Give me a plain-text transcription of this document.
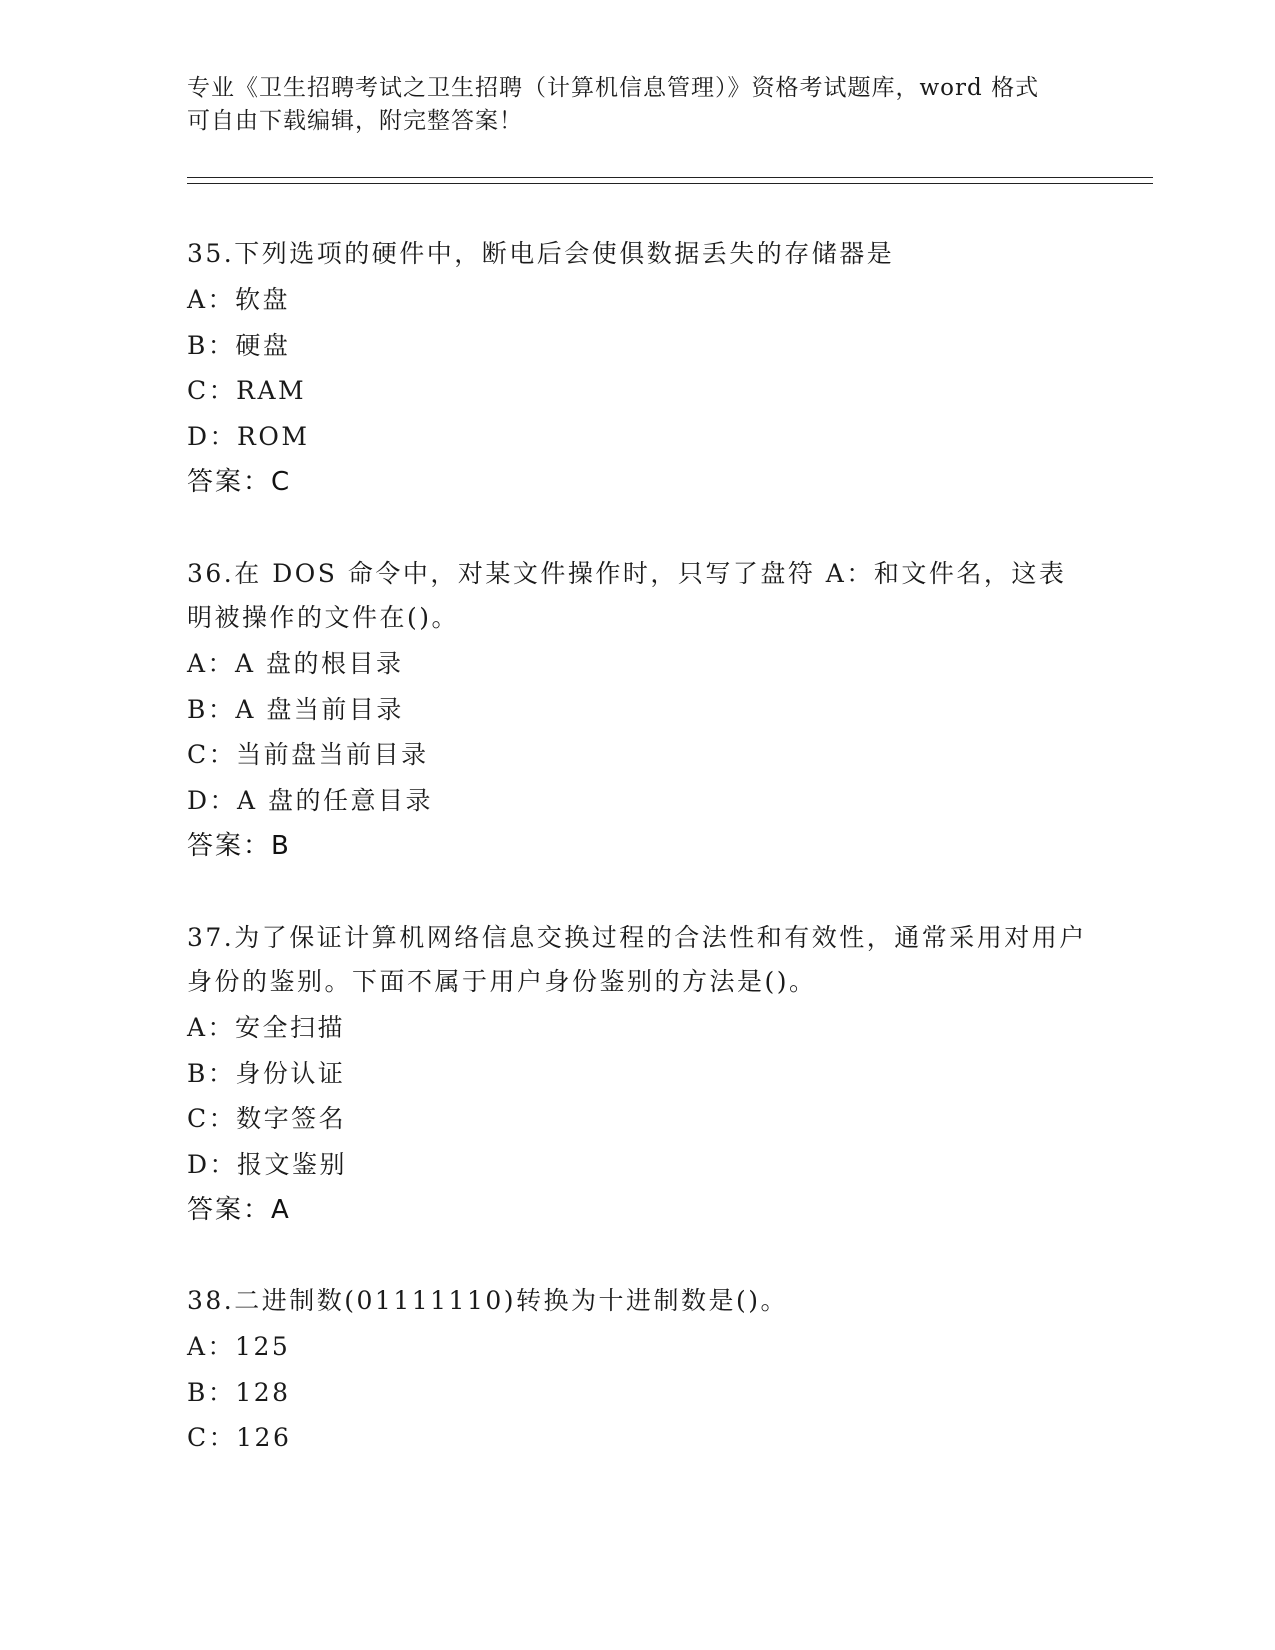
专业《卫生招聘考试之卫生招聘（计算机信息管理）》资格考试题库，word 格式
可自由下载编辑，附完整答案！
35.下列选项的硬件中，断电后会使俱数据丢失的存储器是
A：软盘
B：硬盘
C：RAM
D：ROM
答案：C
36.在 DOS 命令中，对某文件操作时，只写了盘符 A：和文件名，这表明被操作的文件在()。
A：A 盘的根目录
B：A 盘当前目录
C：当前盘当前目录
D：A 盘的任意目录
答案：B
37.为了保证计算机网络信息交换过程的合法性和有效性，通常采用对用户身份的鉴别。下面不属于用户身份鉴别的方法是()。
A：安全扫描
B：身份认证
C：数字签名
D：报文鉴别
答案：A
38.二进制数(01111110)转换为十进制数是()。
A：125
B：128
C：126
